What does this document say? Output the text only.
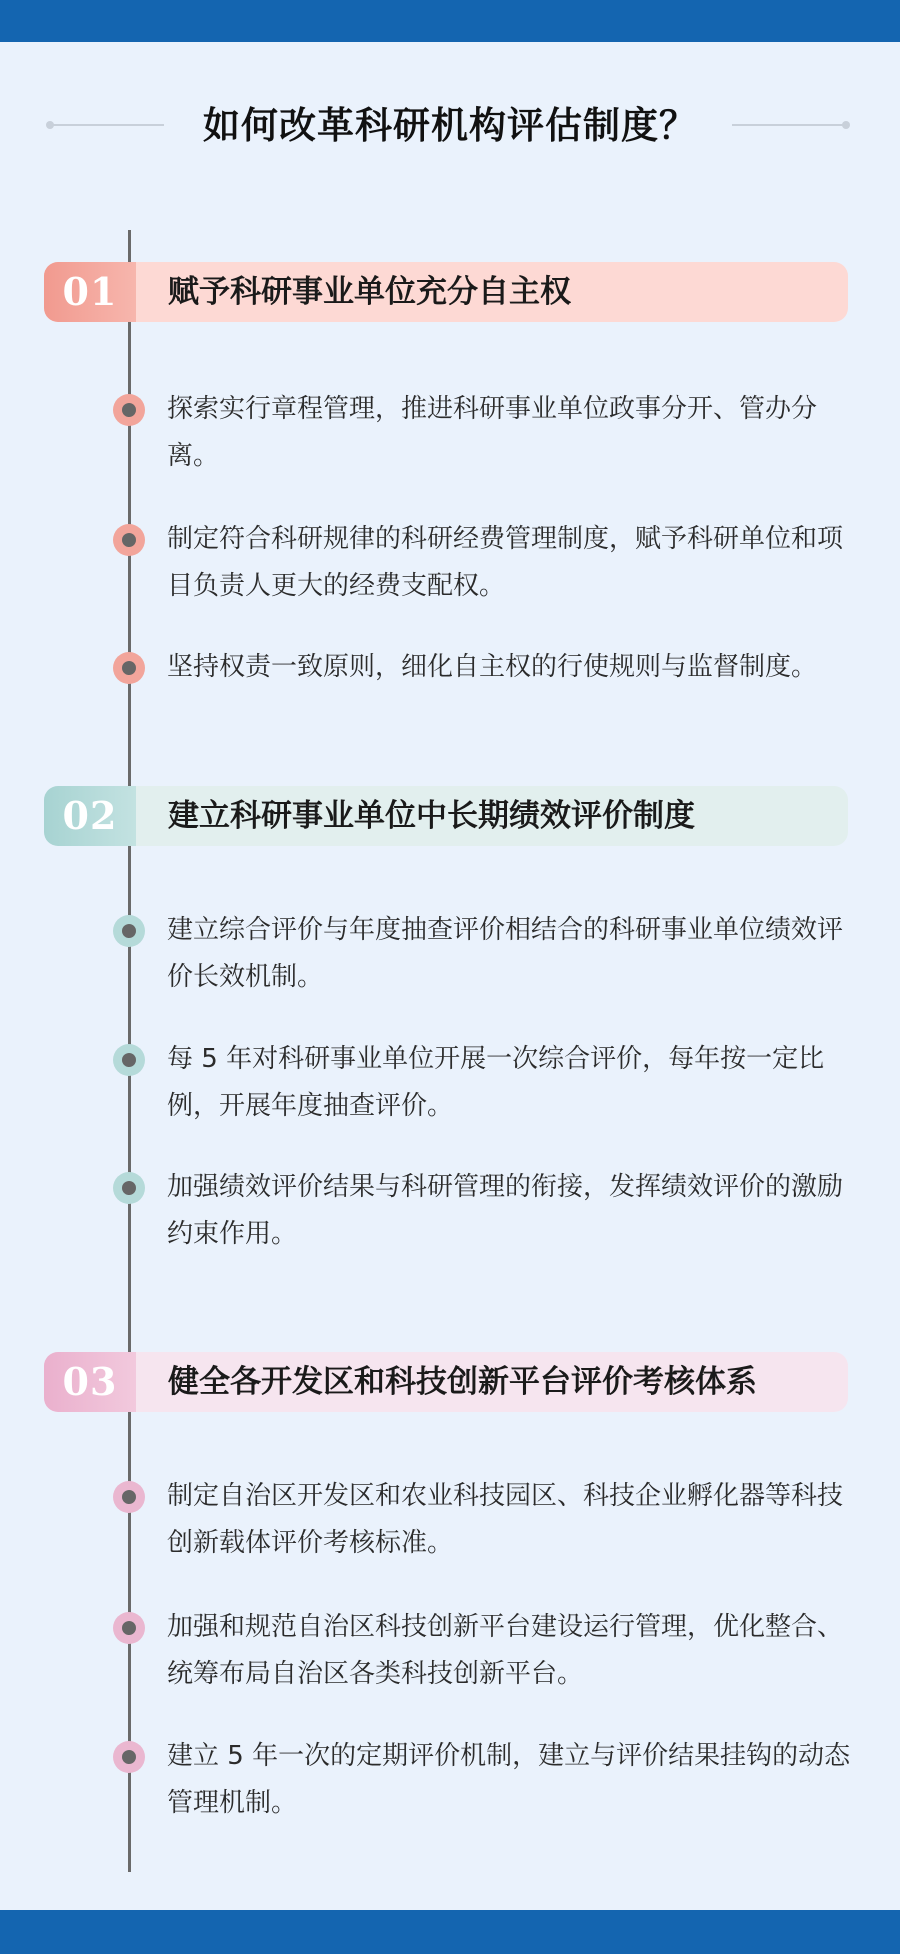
如何改革科研机构评估制度？
01	赋予科研事业单位充分自主权
探索实行章程管理，推进科研事业单位政事分开、管办分离。
制定符合科研规律的科研经费管理制度，赋予科研单位和项目负责人更大的经费支配权。
坚持权责一致原则，细化自主权的行使规则与监督制度。
02	建立科研事业单位中长期绩效评价制度
建立综合评价与年度抽查评价相结合的科研事业单位绩效评价长效机制。
每 5 年对科研事业单位开展一次综合评价，每年按一定比例，开展年度抽查评价。
加强绩效评价结果与科研管理的衔接，发挥绩效评价的激励约束作用。
03	健全各开发区和科技创新平台评价考核体系
制定自治区开发区和农业科技园区、科技企业孵化器等科技创新载体评价考核标准。
加强和规范自治区科技创新平台建设运行管理，优化整合、统筹布局自治区各类科技创新平台。
建立 5 年一次的定期评价机制，建立与评价结果挂钩的动态管理机制。
